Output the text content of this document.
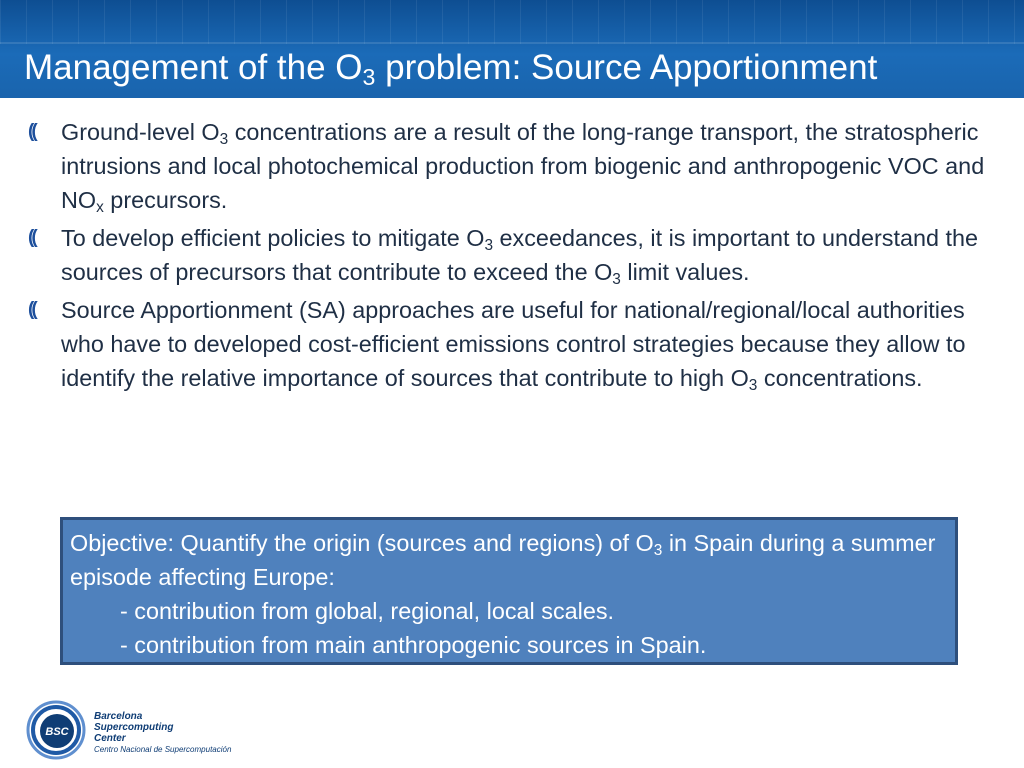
Management of the $O_3$ problem: Source Apportionment
(( Ground-level $O_3$ concentrations are a result of the long-range transport, the stratospheric intrusions and local photochemical production from biogenic and anthropogenic VOC and $NO_x$ precursors.
(( To develop efficient policies to mitigate $O_3$ exceedances, it is important to understand the sources of precursors that contribute to exceed the $O_3$ limit values.
(( Source Apportionment (SA) approaches are useful for national/regional/local authorities who have to developed cost-efficient emissions control strategies because they allow to identify the relative importance of sources that contribute to high $O_3$ concentrations.

Objective: Quantify the origin (sources and regions) of $O_3$ in Spain during a summer episode affecting Europe:

- contribution from global, regional, local scales.

- contribution from main anthropogenic sources in Spain.

BSC

Barcelona
Supercomputing
Center

Centro Nacional de Supercomputación
